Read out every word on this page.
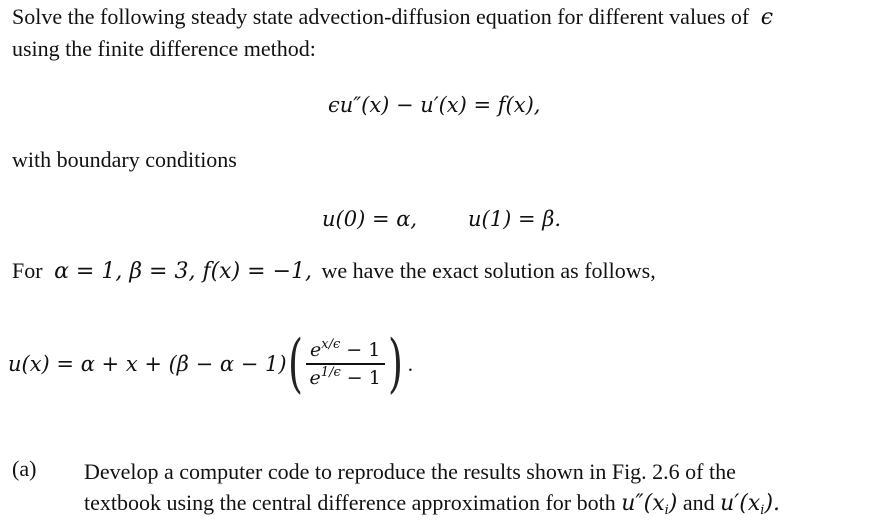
Solve the following steady state advection-diffusion equation for different values of ϵ
using the finite difference method:
ϵu″(x) − u′(x) = f(x),
with boundary conditions
u(0) = α, u(1) = β.
For α = 1, β = 3, f(x) = −1, we have the exact solution as follows,
u(x) = α + x + (β − α − 1) ( $\frac{e^{x/\epsilon} - 1}{e^{1/\epsilon} - 1}$ ) .
(a) Develop a computer code to reproduce the results shown in Fig. 2.6 of the
textbook using the central difference approximation for both $u''(x_i)$ and $u'(x_i)$.
